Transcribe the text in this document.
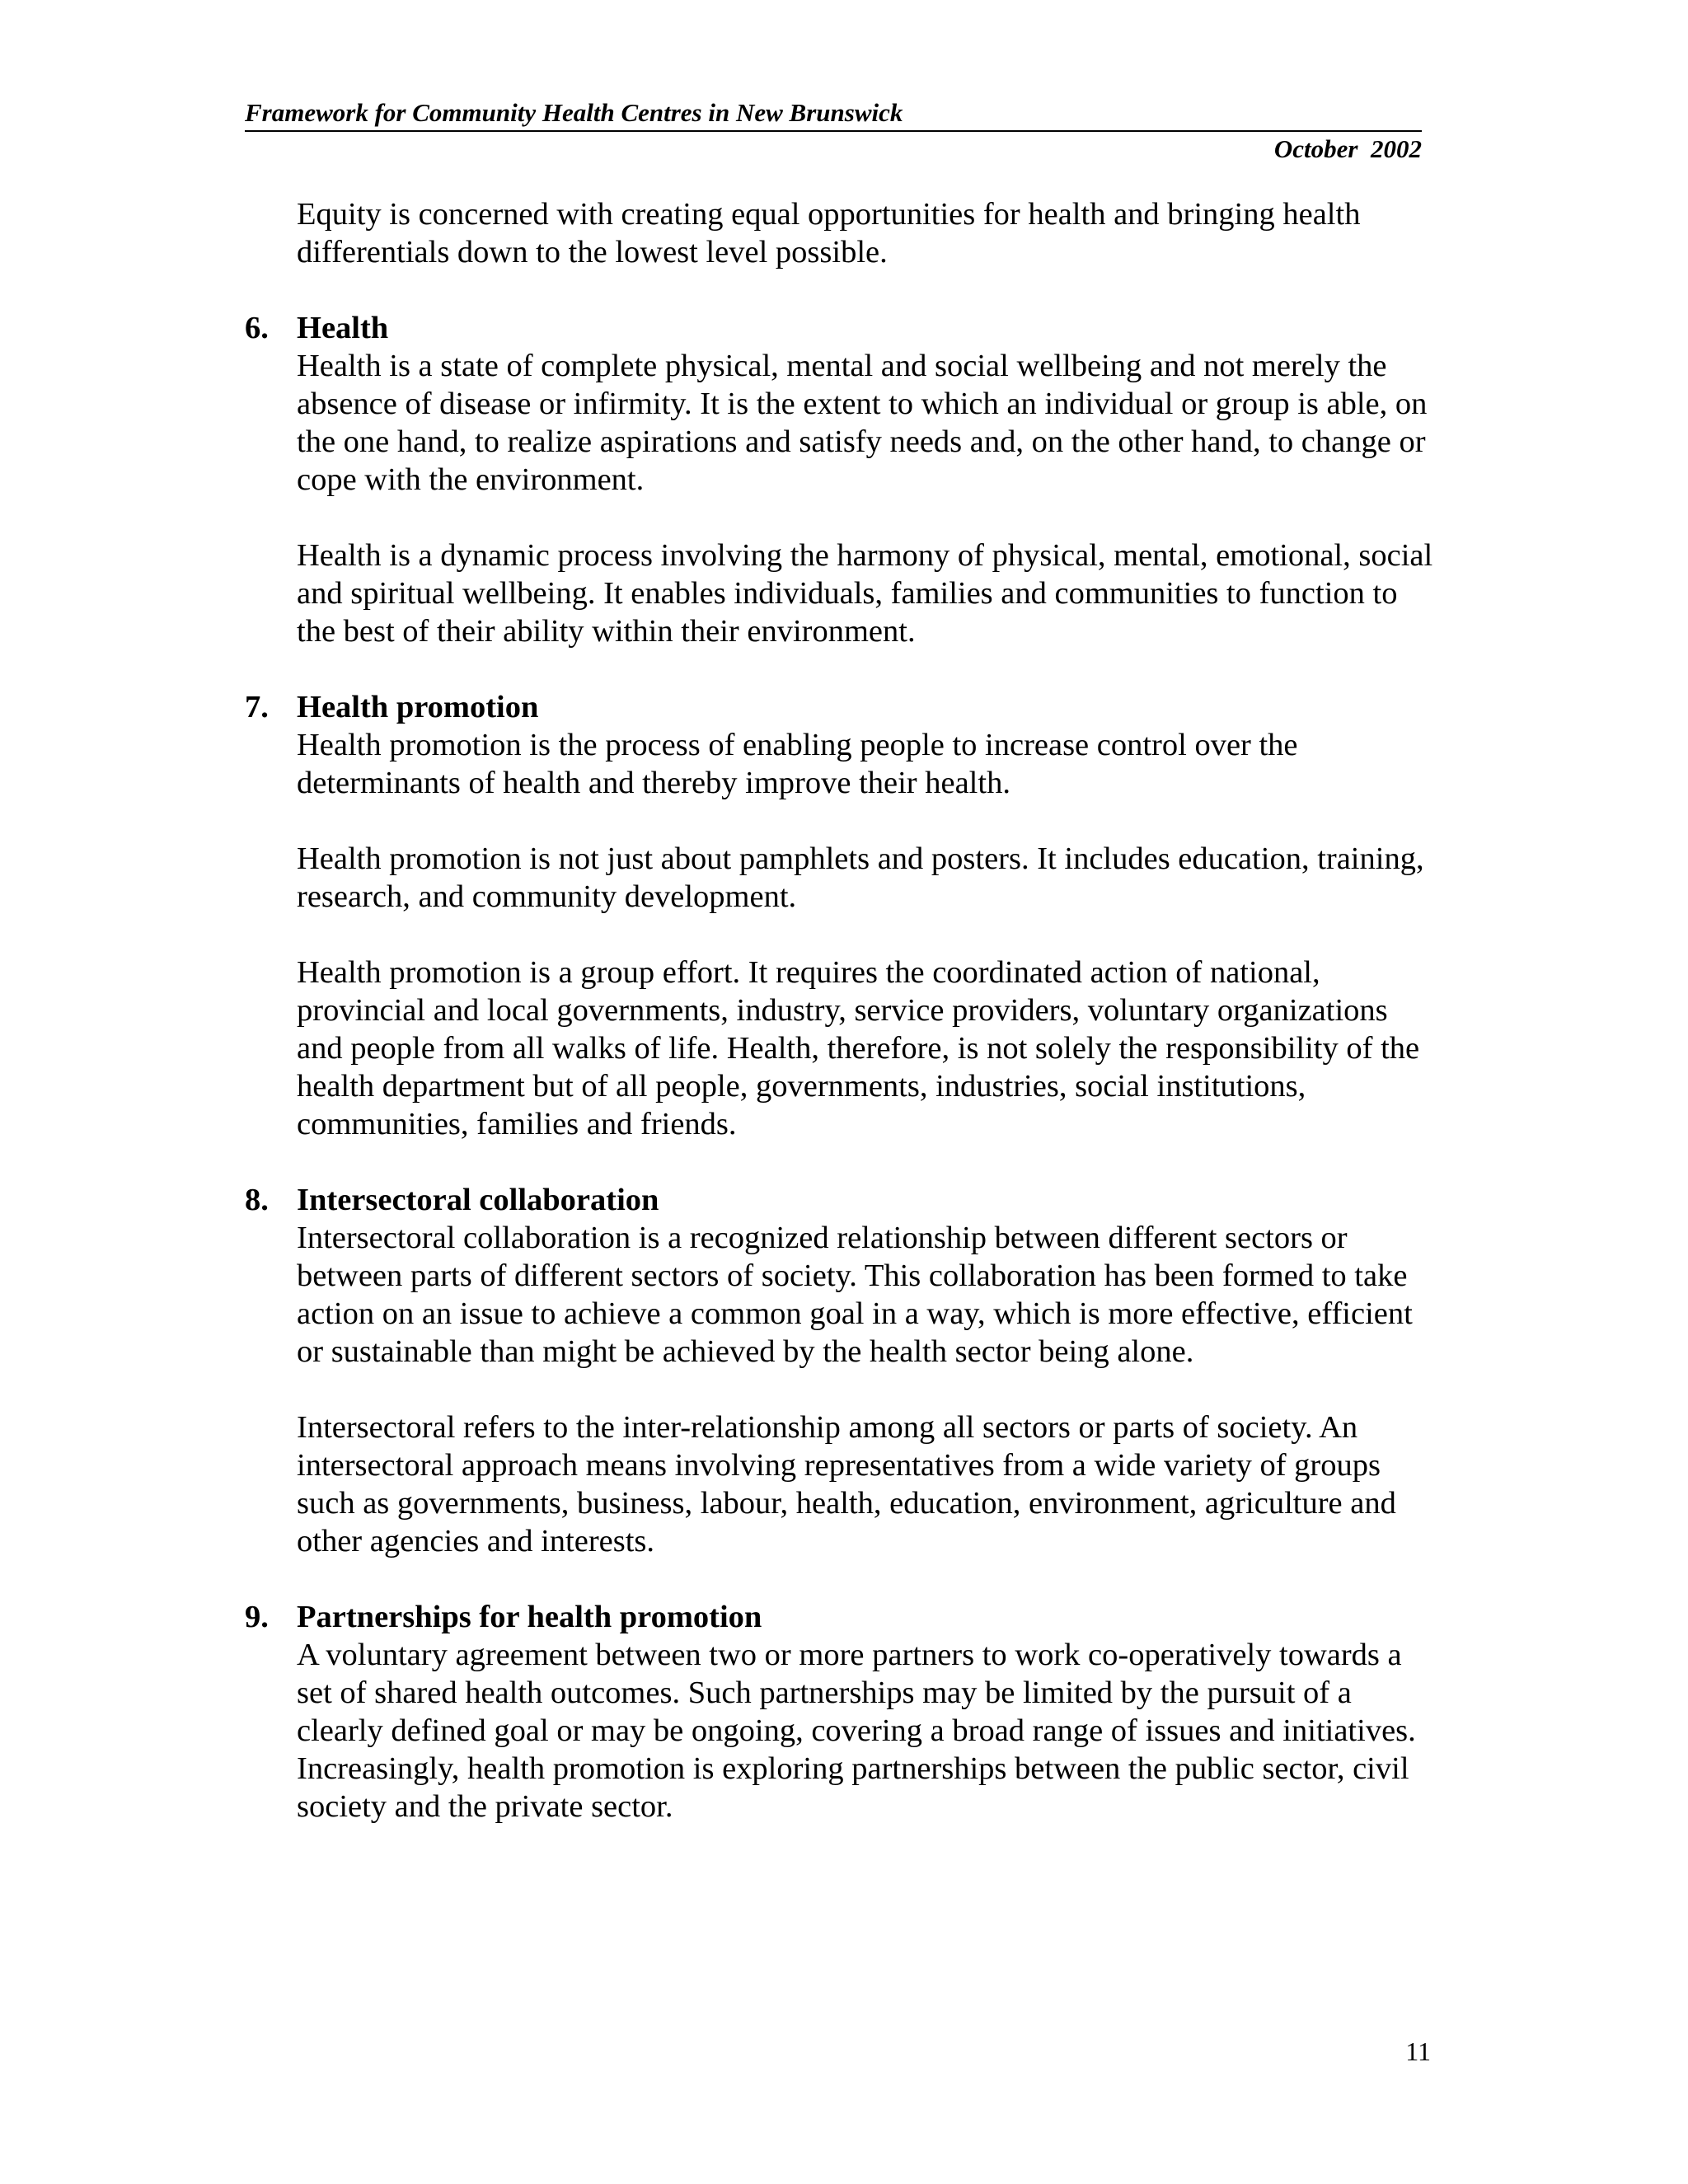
Framework for Community Health Centres in New Brunswick
October  2002

Equity is concerned with creating equal opportunities for health and bringing health differentials down to the lowest level possible.

6. Health

Health is a state of complete physical, mental and social wellbeing and not merely the absence of disease or infirmity. It is the extent to which an individual or group is able, on the one hand, to realize aspirations and satisfy needs and, on the other hand, to change or cope with the environment.

Health is a dynamic process involving the harmony of physical, mental, emotional, social and spiritual wellbeing. It enables individuals, families and communities to function to the best of their ability within their environment.

7. Health promotion

Health promotion is the process of enabling people to increase control over the determinants of health and thereby improve their health.

Health promotion is not just about pamphlets and posters. It includes education, training, research, and community development.

Health promotion is a group effort. It requires the coordinated action of national, provincial and local governments, industry, service providers, voluntary organizations and people from all walks of life. Health, therefore, is not solely the responsibility of the health department but of all people, governments, industries, social institutions, communities, families and friends.

8. Intersectoral collaboration

Intersectoral collaboration is a recognized relationship between different sectors or between parts of different sectors of society. This collaboration has been formed to take action on an issue to achieve a common goal in a way, which is more effective, efficient or sustainable than might be achieved by the health sector being alone.

Intersectoral refers to the inter-relationship among all sectors or parts of society. An intersectoral approach means involving representatives from a wide variety of groups such as governments, business, labour, health, education, environment, agriculture and other agencies and interests.

9. Partnerships for health promotion

A voluntary agreement between two or more partners to work co-operatively towards a set of shared health outcomes. Such partnerships may be limited by the pursuit of a clearly defined goal or may be ongoing, covering a broad range of issues and initiatives. Increasingly, health promotion is exploring partnerships between the public sector, civil society and the private sector.

11
